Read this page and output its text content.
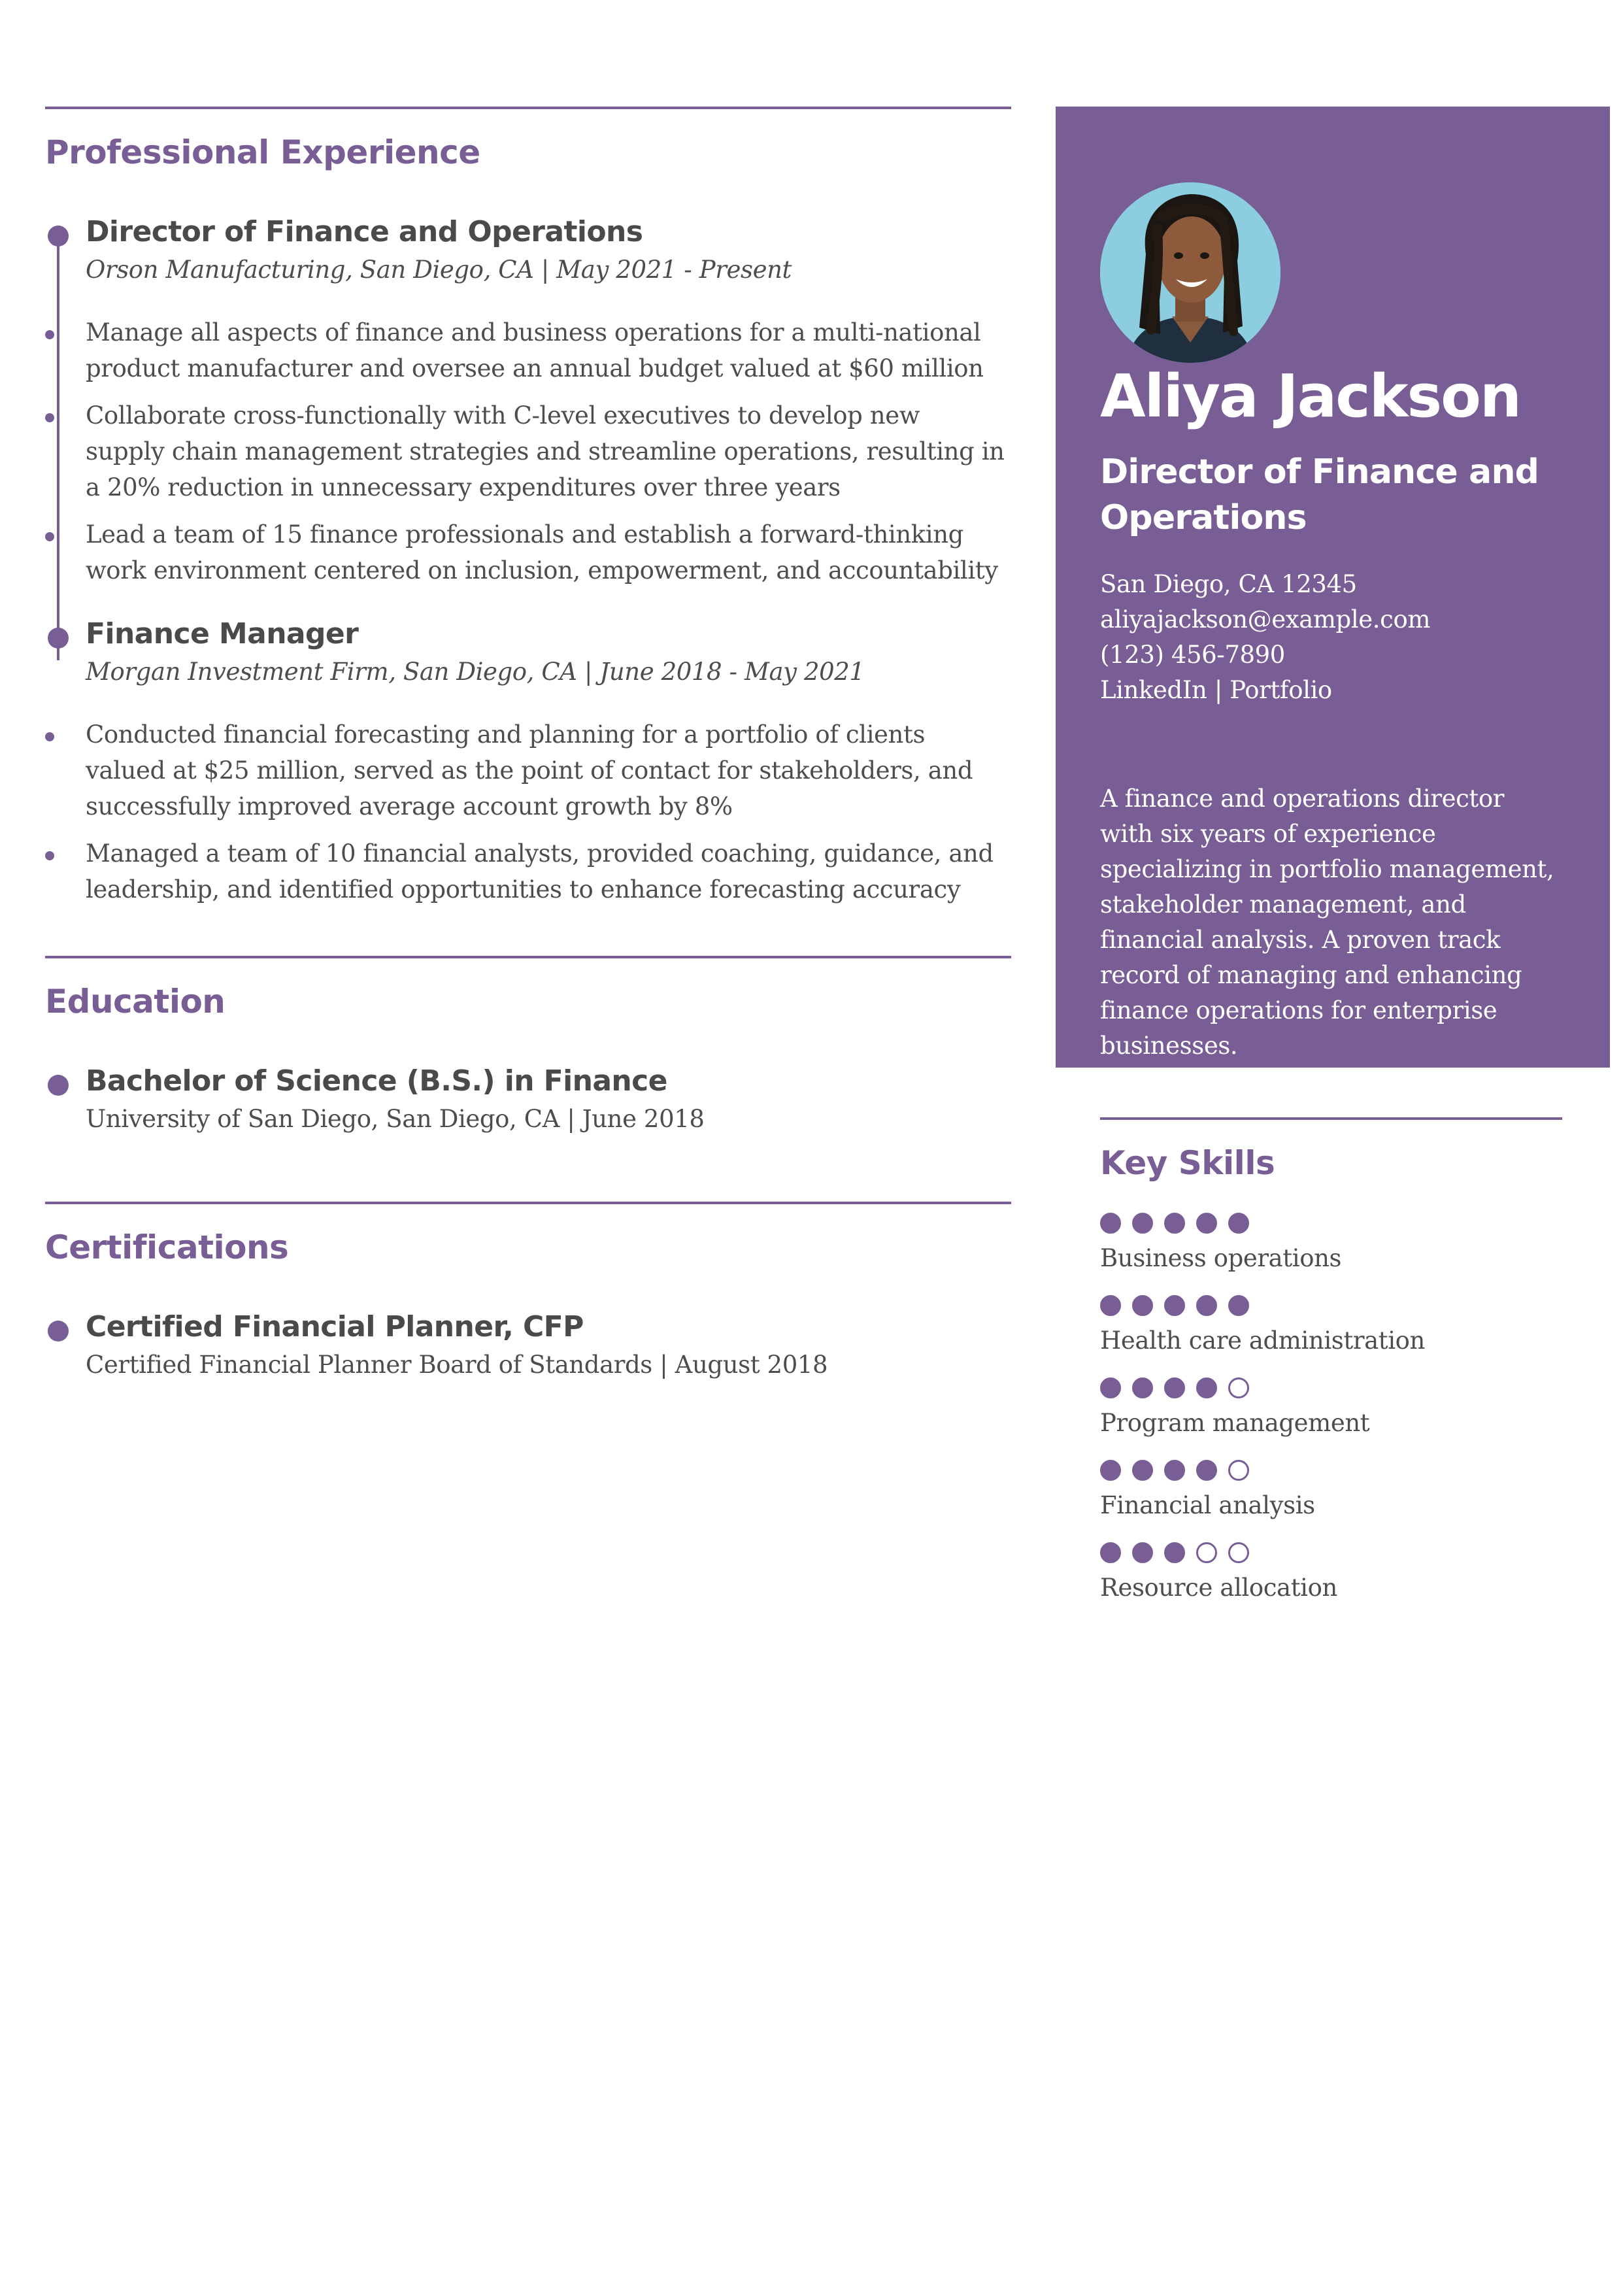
Professional Experience
Director of Finance and Operations
Orson Manufacturing, San Diego, CA | May 2021 - Present
Manage all aspects of finance and business operations for a multi-national product manufacturer and oversee an annual budget valued at $60 million
Collaborate cross-functionally with C-level executives to develop new supply chain management strategies and streamline operations, resulting in a 20% reduction in unnecessary expenditures over three years
Lead a team of 15 finance professionals and establish a forward-thinking work environment centered on inclusion, empowerment, and accountability
Finance Manager
Morgan Investment Firm, San Diego, CA | June 2018 - May 2021
Conducted financial forecasting and planning for a portfolio of clients valued at $25 million, served as the point of contact for stakeholders, and successfully improved average account growth by 8%
Managed a team of 10 financial analysts, provided coaching, guidance, and leadership, and identified opportunities to enhance forecasting accuracy
Education
Bachelor of Science (B.S.) in Finance
University of San Diego, San Diego, CA | June 2018
Certifications
Certified Financial Planner, CFP
Certified Financial Planner Board of Standards | August 2018
Aliya Jackson
Director of Finance and Operations
San Diego, CA 12345
aliyajackson@example.com
(123) 456-7890
LinkedIn | Portfolio

A finance and operations director with six years of experience specializing in portfolio management, stakeholder management, and financial analysis. A proven track record of managing and enhancing finance operations for enterprise businesses.

Key Skills
Business operations
Health care administration
Program management
Financial analysis
Resource allocation
